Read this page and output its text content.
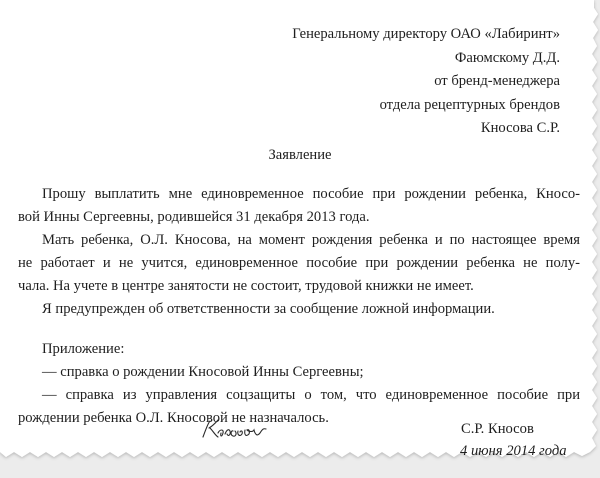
Генеральному директору ОАО «Лабиринт»
Фаюмскому Д.Д.
от бренд-менеджера
отдела рецептурных брендов
Кносова С.Р.
Заявление
Прошу выплатить мне единовременное пособие при рождении ребенка, Кносо-
вой Инны Сергеевны, родившейся 31 декабря 2013 года.
Мать ребенка, О.Л. Кносова, на момент рождения ребенка и по настоящее время
не работает и не учится, единовременное пособие при рождении ребенка не полу-
чала. На учете в центре занятости не состоит, трудовой книжки не имеет.
Я предупрежден об ответственности за сообщение ложной информации.
Приложение:
— справка о рождении Кносовой Инны Сергеевны;
— справка из управления соцзащиты о том, что единовременное пособие при
рождении ребенка О.Л. Кносовой не назначалось.
С.Р. Кносов
4 июня 2014 года
